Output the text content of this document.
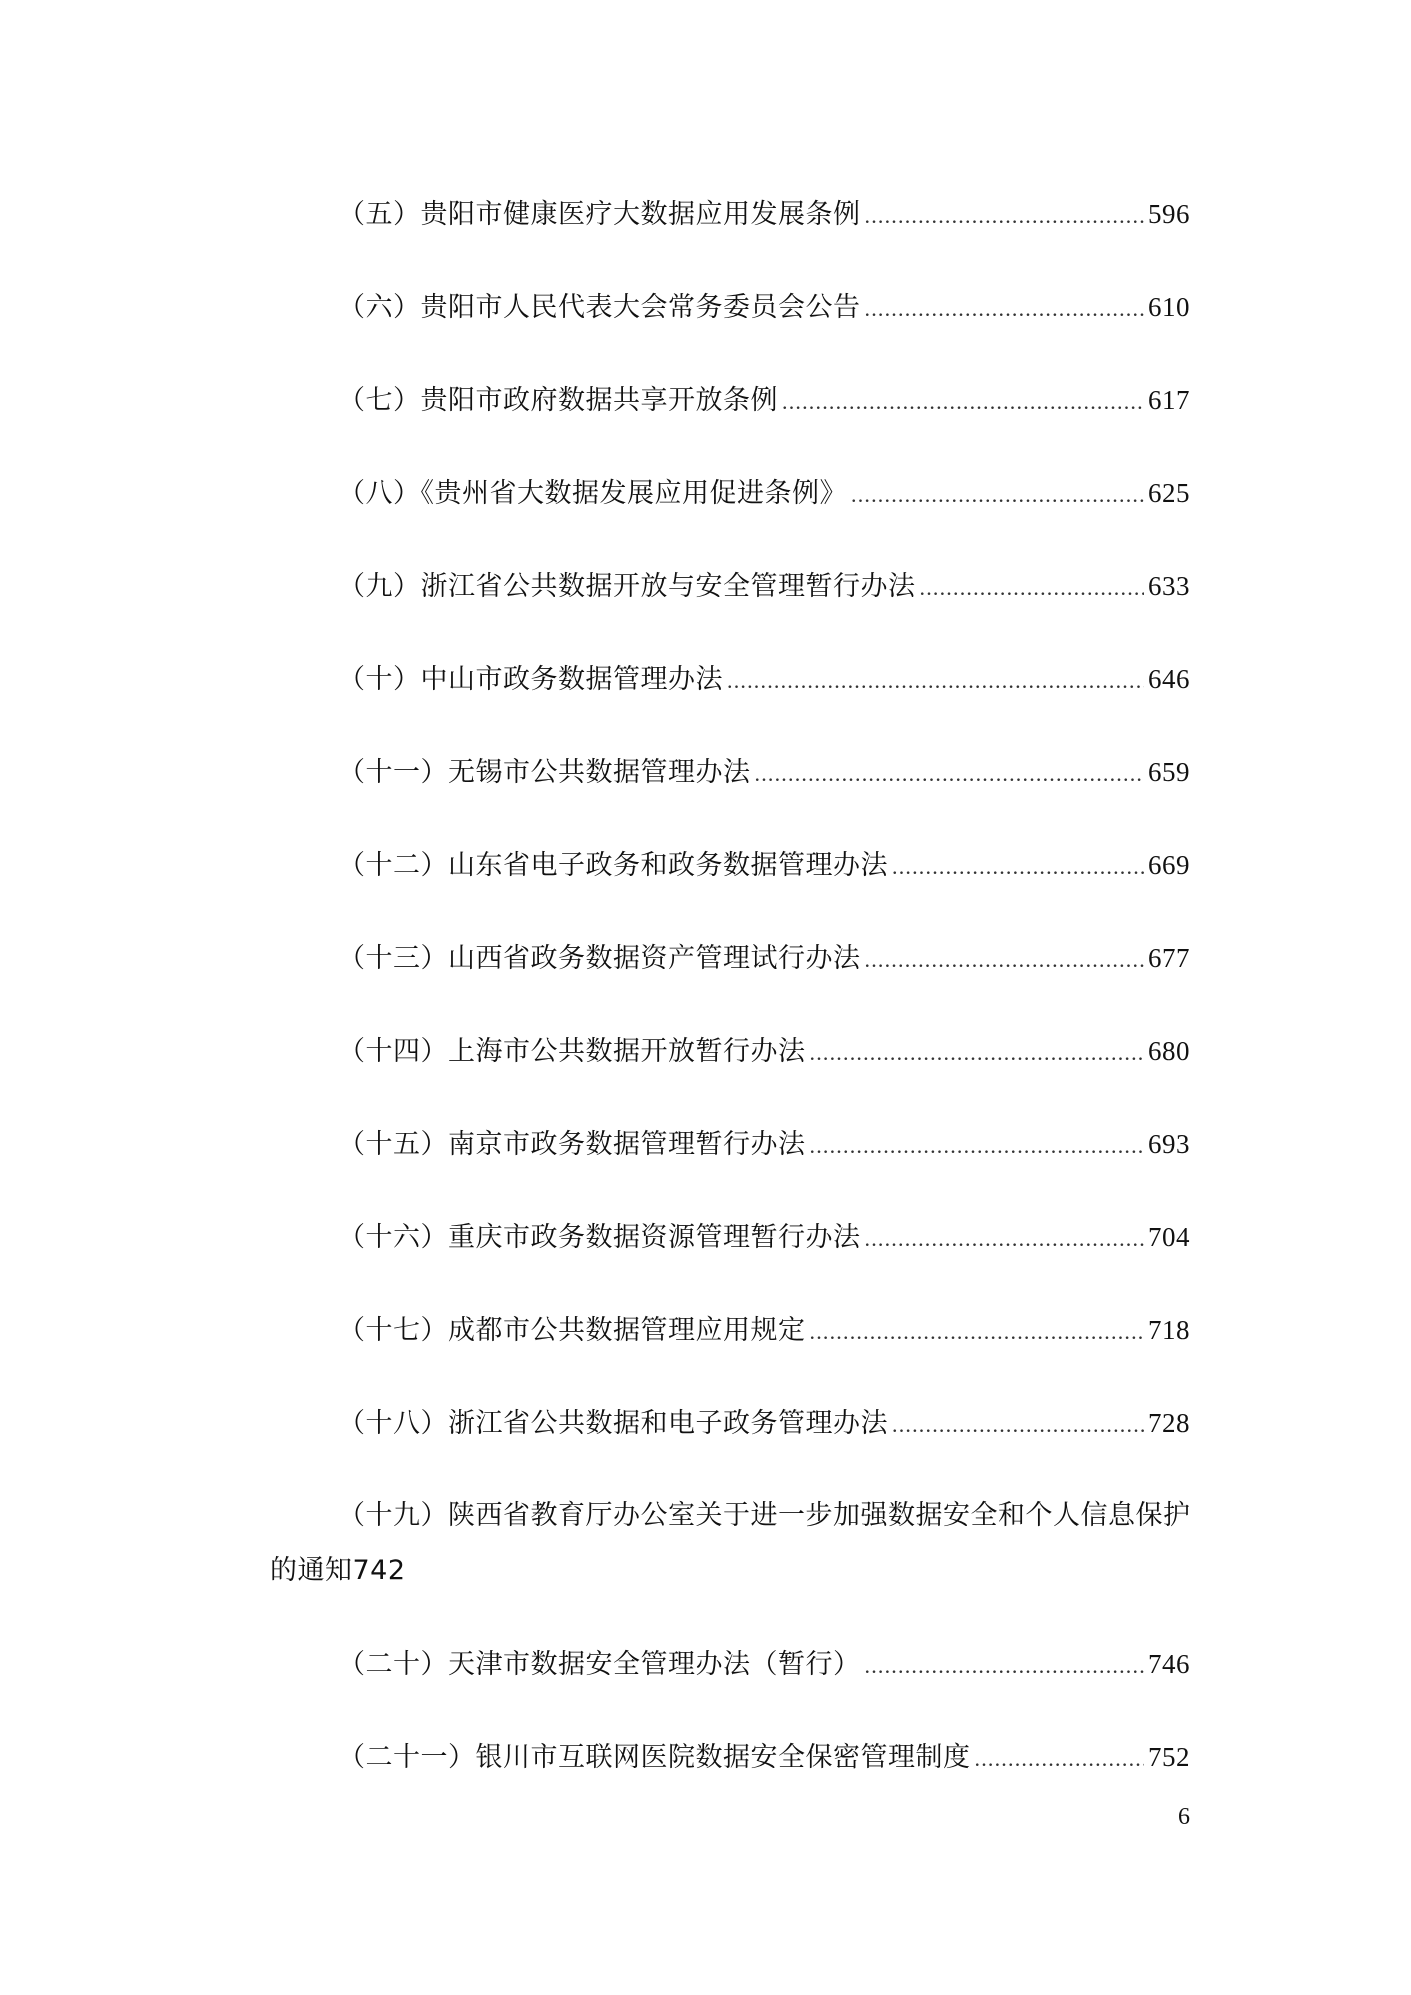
（五）贵阳市健康医疗大数据应用发展条例 .....	596
（六）贵阳市人民代表大会常务委员会公告 .....	610
（七）贵阳市政府数据共享开放条例 .....	617
（八）《贵州省大数据发展应用促进条例》 .....	625
（九）浙江省公共数据开放与安全管理暂行办法 .....	633
（十）中山市政务数据管理办法 .....	646
（十一）无锡市公共数据管理办法 .....	659
（十二）山东省电子政务和政务数据管理办法 .....	669
（十三）山西省政务数据资产管理试行办法 .....	677
（十四）上海市公共数据开放暂行办法 .....	680
（十五）南京市政务数据管理暂行办法 .....	693
（十六）重庆市政务数据资源管理暂行办法 .....	704
（十七）成都市公共数据管理应用规定 .....	718
（十八）浙江省公共数据和电子政务管理办法 .....	728
（十九）陕西省教育厅办公室关于进一步加强数据安全和个人信息保护
的通知 742
（二十）天津市数据安全管理办法（暂行） .....	746
（二十一）银川市互联网医院数据安全保密管理制度 .....	752
6
